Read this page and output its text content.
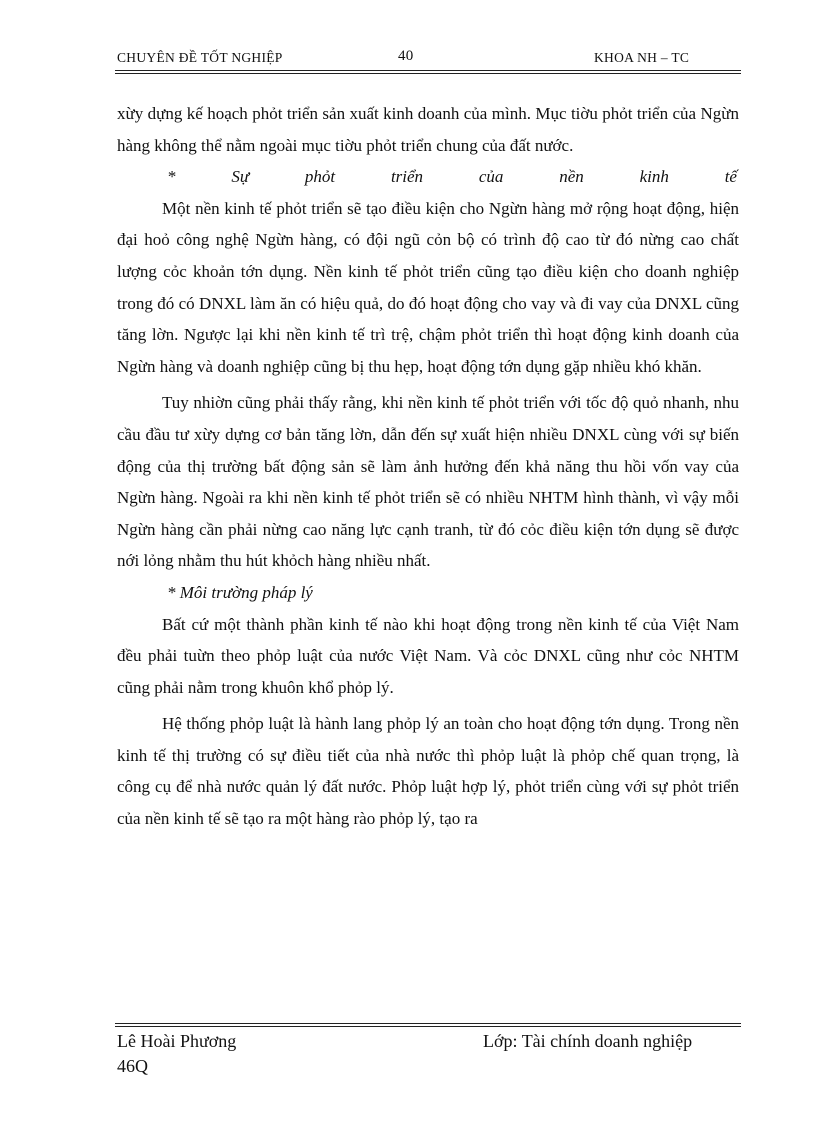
CHUYÊN ĐỀ TỐT NGHIỆP	40	KHOA NH – TC

xừy dựng kế hoạch phỏt triển sản xuất kinh doanh của mình. Mục tiờu phỏt triển của Ngừn hàng không thể nằm ngoài mục tiờu phỏt triển chung của đất nước.

*	Sự	phỏt	triển	của	nền	kinh	tế

Một nền kinh tế phỏt triển sẽ tạo điều kiện cho Ngừn hàng mở rộng hoạt động, hiện đại hoỏ công nghệ Ngừn hàng, có đội ngũ cỏn bộ có trình độ cao từ đó nừng cao chất lượng cỏc khoản tớn dụng. Nền kinh tế phỏt triển cũng tạo điều kiện cho doanh nghiệp trong đó có DNXL làm ăn có hiệu quả, do đó hoạt động cho vay và đi vay của DNXL cũng tăng lờn. Ngược lại khi nền kinh tế trì trệ, chậm phỏt triển thì hoạt động kinh doanh của Ngừn hàng và doanh nghiệp cũng bị thu hẹp, hoạt động tớn dụng gặp nhiều khó khăn.

Tuy nhiờn cũng phải thấy rằng, khi nền kinh tế phỏt triển với tốc độ quỏ nhanh, nhu cầu đầu tư xừy dựng cơ bản tăng lờn, dẫn đến sự xuất hiện nhiều DNXL cùng với sự biến động của thị trường bất động sản sẽ làm ảnh hưởng đến khả năng thu hồi vốn vay của Ngừn hàng. Ngoài ra khi nền kinh tế phỏt triển sẽ có nhiều NHTM hình thành, vì vậy mỗi Ngừn hàng cần phải nừng cao năng lực cạnh tranh, từ đó cỏc điều kiện tớn dụng sẽ được nới lỏng nhằm thu hút khỏch hàng nhiều nhất.

* Môi trường pháp lý

Bất cứ một thành phần kinh tế nào khi hoạt động trong nền kinh tế của Việt Nam đều phải tuừn theo phỏp luật của nước Việt Nam. Và cỏc DNXL cũng như cỏc NHTM cũng phải nằm trong khuôn khổ phỏp lý.

Hệ thống phỏp luật là hành lang phỏp lý an toàn cho hoạt động tớn dụng. Trong nền kinh tế thị trường có sự điều tiết của nhà nước thì phỏp luật là phỏp chế quan trọng, là công cụ để nhà nước quản lý đất nước. Phỏp luật hợp lý, phỏt triển cùng với sự phỏt triển của nền kinh tế sẽ tạo ra một hàng rào phỏp lý, tạo ra

Lê Hoài Phương
46Q
Lớp: Tài chính doanh nghiệp
